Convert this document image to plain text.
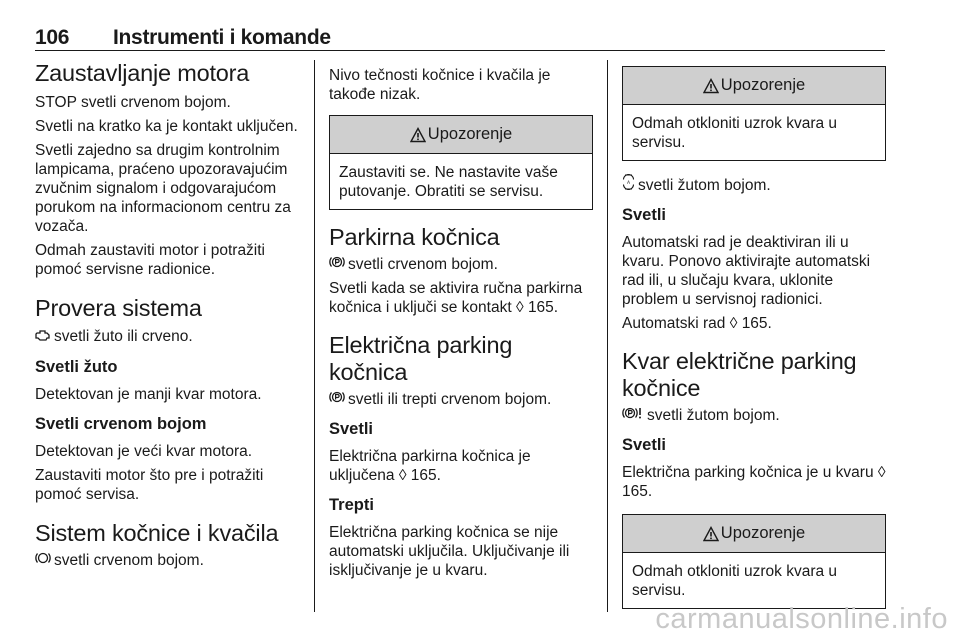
106 Instrumenti i komande
Zaustavljanje motora

STOP svetli crvenom bojom.

Svetli na kratko ka je kontakt uključen.

Svetli zajedno sa drugim kontrolnim lampicama, praćeno upozoravajućim zvučnim signalom i odgovarajućom porukom na informacionom centru za vozača.

Odmah zaustaviti motor i potražiti pomoć servisne radionice.

Provera sistema

svetli žuto ili crveno.

Svetli žuto

Detektovan je manji kvar motora.

Svetli crvenom bojom

Detektovan je veći kvar motora.

Zaustaviti motor što pre i potražiti pomoć servisa.

Sistem kočnice i kvačila

svetli crvenom bojom.

Nivo tečnosti kočnice i kvačila je takođe nizak.

Upozorenje
Zaustaviti se. Ne nastavite vaše putovanje. Obratiti se servisu.
Parkirna kočnica

svetli crvenom bojom.

Svetli kada se aktivira ručna parkirna kočnica i uključi se kontakt ◊ 165.

Električna parking kočnica

svetli ili trepti crvenom bojom.

Svetli

Električna parkirna kočnica je uključena ◊ 165.

Trepti

Električna parking kočnica se nije automatski uključila. Uključivanje ili isključivanje je u kvaru.

Upozorenje
Odmah otkloniti uzrok kvara u servisu.

A svetli žutom bojom.

Svetli

Automatski rad je deaktiviran ili u kvaru. Ponovo aktivirajte automatski rad ili, u slučaju kvara, uklonite problem u servisnoj radionici.

Automatski rad ◊ 165.

Kvar električne parking kočnice

svetli žutom bojom.

Svetli

Električna parking kočnica je u kvaru ◊ 165.

Upozorenje
Odmah otkloniti uzrok kvara u servisu.
carmanualsonline.info
